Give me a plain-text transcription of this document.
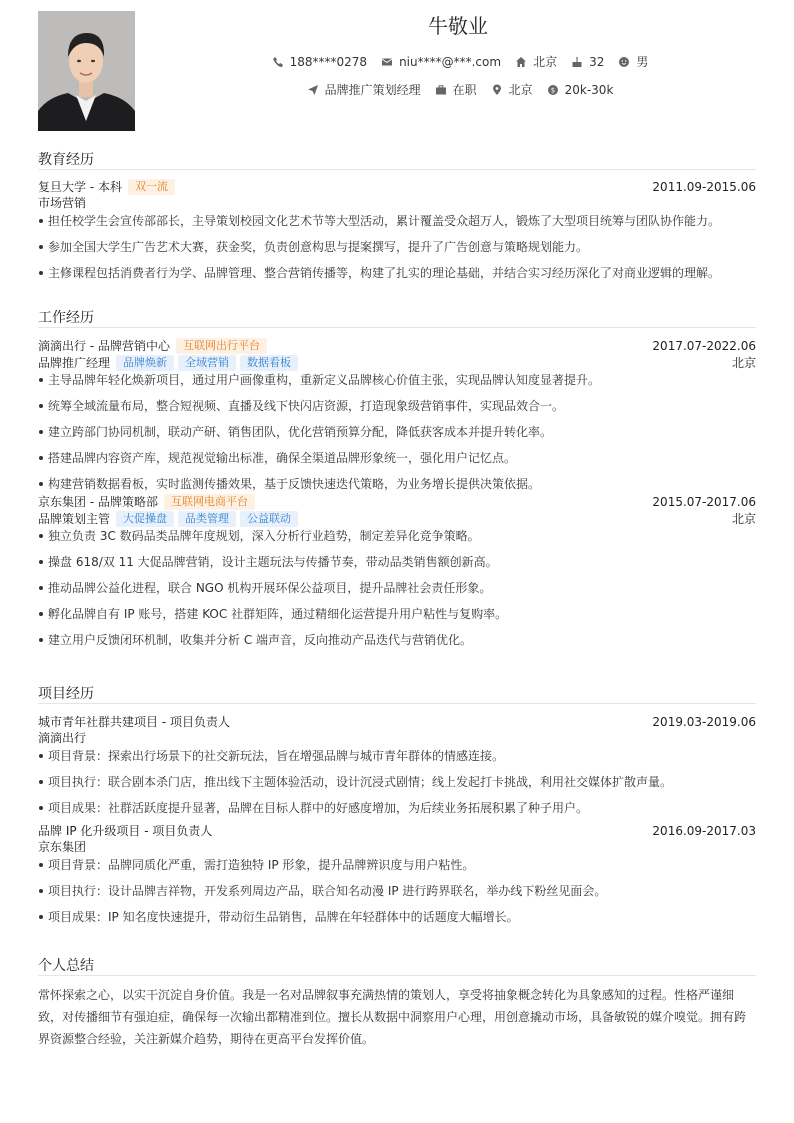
牛敬业
188****0278	niu****@***.com	北京	32	男
品牌推广策划经理	在职	北京	$ 20k-30k
教育经历
复旦大学 - 本科	双一流	2011.09-2015.06
市场营销
担任校学生会宣传部部长，主导策划校园文化艺术节等大型活动，累计覆盖受众超万人，锻炼了大型项目统筹与团队协作能力。
参加全国大学生广告艺术大赛，获金奖，负责创意构思与提案撰写，提升了广告创意与策略规划能力。
主修课程包括消费者行为学、品牌管理、整合营销传播等，构建了扎实的理论基础，并结合实习经历深化了对商业逻辑的理解。
工作经历
滴滴出行 - 品牌营销中心	互联网出行平台	2017.07-2022.06
品牌推广经理	品牌焕新	全域营销	数据看板	北京
主导品牌年轻化焕新项目，通过用户画像重构，重新定义品牌核心价值主张，实现品牌认知度显著提升。
统筹全域流量布局，整合短视频、直播及线下快闪店资源，打造现象级营销事件，实现品效合一。
建立跨部门协同机制，联动产研、销售团队，优化营销预算分配，降低获客成本并提升转化率。
搭建品牌内容资产库，规范视觉输出标准，确保全渠道品牌形象统一，强化用户记忆点。
构建营销数据看板，实时监测传播效果，基于反馈快速迭代策略，为业务增长提供决策依据。
京东集团 - 品牌策略部	互联网电商平台	2015.07-2017.06
品牌策划主管	大促操盘	品类管理	公益联动	北京
独立负责 3C 数码品类品牌年度规划，深入分析行业趋势，制定差异化竞争策略。
操盘 618/双 11 大促品牌营销，设计主题玩法与传播节奏，带动品类销售额创新高。
推动品牌公益化进程，联合 NGO 机构开展环保公益项目，提升品牌社会责任形象。
孵化品牌自有 IP 账号，搭建 KOC 社群矩阵，通过精细化运营提升用户粘性与复购率。
建立用户反馈闭环机制，收集并分析 C 端声音，反向推动产品迭代与营销优化。
项目经历
城市青年社群共建项目 - 项目负责人	2019.03-2019.06
滴滴出行
项目背景：探索出行场景下的社交新玩法，旨在增强品牌与城市青年群体的情感连接。
项目执行：联合剧本杀门店，推出线下主题体验活动，设计沉浸式剧情；线上发起打卡挑战，利用社交媒体扩散声量。
项目成果：社群活跃度提升显著，品牌在目标人群中的好感度增加，为后续业务拓展积累了种子用户。
品牌 IP 化升级项目 - 项目负责人	2016.09-2017.03
京东集团
项目背景：品牌同质化严重，需打造独特 IP 形象，提升品牌辨识度与用户粘性。
项目执行：设计品牌吉祥物，开发系列周边产品，联合知名动漫 IP 进行跨界联名，举办线下粉丝见面会。
项目成果：IP 知名度快速提升，带动衍生品销售，品牌在年轻群体中的话题度大幅增长。
个人总结

常怀探索之心，以实干沉淀自身价值。我是一名对品牌叙事充满热情的策划人，享受将抽象概念转化为具象感知的过程。性格严谨细致，对传播细节有强迫症，确保每一次输出都精准到位。擅长从数据中洞察用户心理，用创意撬动市场，具备敏锐的媒介嗅觉。拥有跨界资源整合经验，关注新媒介趋势，期待在更高平台发挥价值。
